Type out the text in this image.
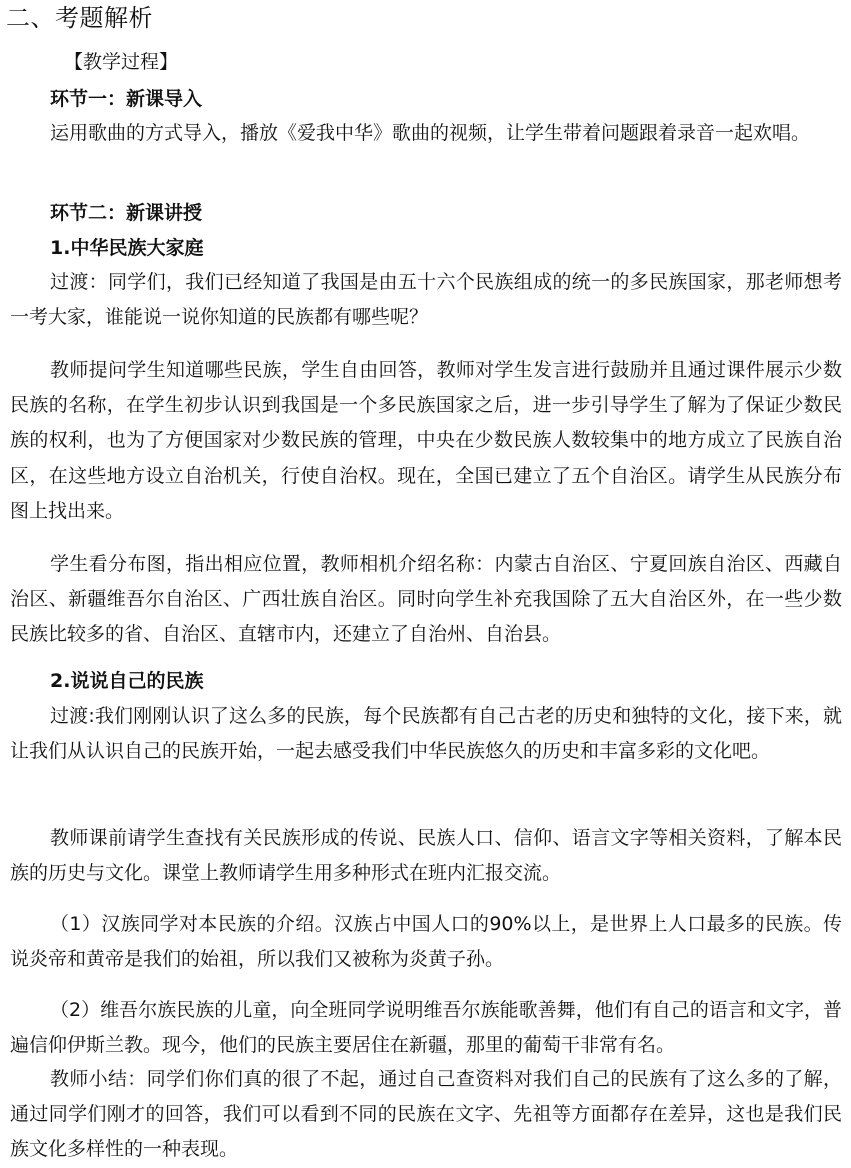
二、考题解析
【教学过程】
环节一：新课导入

运用歌曲的方式导入，播放《爱我中华》歌曲的视频，让学生带着问题跟着录音一起欢唱。

环节二：新课讲授
1.中华民族大家庭

过渡：同学们，我们已经知道了我国是由五十六个民族组成的统一的多民族国家，那老师想考一考大家，谁能说一说你知道的民族都有哪些呢？

教师提问学生知道哪些民族，学生自由回答，教师对学生发言进行鼓励并且通过课件展示少数民族的名称，在学生初步认识到我国是一个多民族国家之后，进一步引导学生了解为了保证少数民族的权利，也为了方便国家对少数民族的管理，中央在少数民族人数较集中的地方成立了民族自治区，在这些地方设立自治机关，行使自治权。现在，全国已建立了五个自治区。请学生从民族分布图上找出来。

学生看分布图，指出相应位置，教师相机介绍名称：内蒙古自治区、宁夏回族自治区、西藏自治区、新疆维吾尔自治区、广西壮族自治区。同时向学生补充我国除了五大自治区外，在一些少数民族比较多的省、自治区、直辖市内，还建立了自治州、自治县。

2.说说自己的民族

过渡:我们刚刚认识了这么多的民族，每个民族都有自己古老的历史和独特的文化，接下来，就让我们从认识自己的民族开始，一起去感受我们中华民族悠久的历史和丰富多彩的文化吧。

教师课前请学生查找有关民族形成的传说、民族人口、信仰、语言文字等相关资料，了解本民族的历史与文化。课堂上教师请学生用多种形式在班内汇报交流。

（1）汉族同学对本民族的介绍。汉族占中国人口的90%以上，是世界上人口最多的民族。传说炎帝和黄帝是我们的始祖，所以我们又被称为炎黄子孙。

（2）维吾尔族民族的儿童，向全班同学说明维吾尔族能歌善舞，他们有自己的语言和文字，普遍信仰伊斯兰教。现今，他们的民族主要居住在新疆，那里的葡萄干非常有名。

教师小结：同学们你们真的很了不起，通过自己查资料对我们自己的民族有了这么多的了解，通过同学们刚才的回答，我们可以看到不同的民族在文字、先祖等方面都存在差异，这也是我们民族文化多样性的一种表现。
